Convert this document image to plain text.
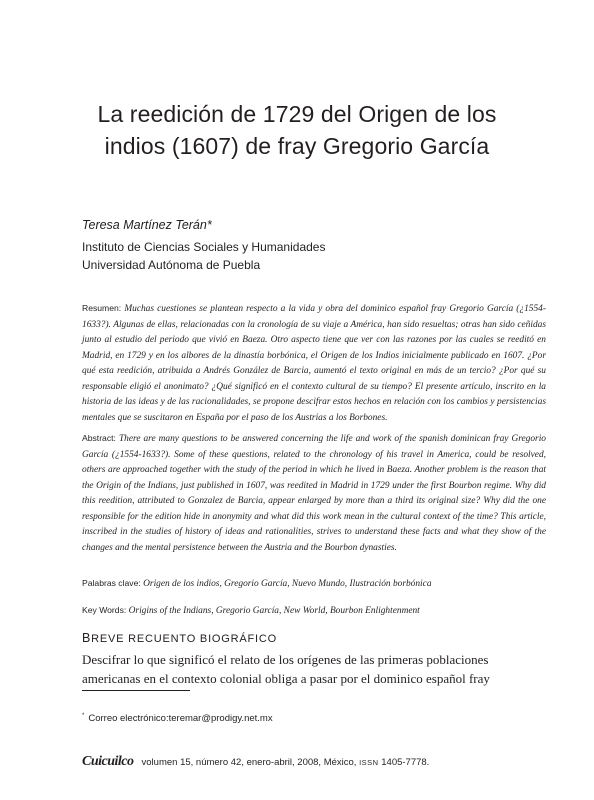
La reedición de 1729 del Origen de los
indios (1607) de fray Gregorio García
Teresa Martínez Terán*
Instituto de Ciencias Sociales y Humanidades
Universidad Autónoma de Puebla
Resumen: Muchas cuestiones se plantean respecto a la vida y obra del dominico español fray Gregorio García (¿1554-1633?). Algunas de ellas, relacionadas con la cronología de su viaje a América, han sido resueltas; otras han sido ceñidas junto al estudio del periodo que vivió en Baeza. Otro aspecto tiene que ver con las razones por las cuales se reeditó en Madrid, en 1729 y en los albores de la dinastía borbónica, el Origen de los Indios inicialmente publicado en 1607. ¿Por qué esta reedición, atribuida a Andrés González de Barcia, aumentó el texto original en más de un tercio? ¿Por qué su responsable eligió el anonimato? ¿Qué significó en el contexto cultural de su tiempo? El presente artículo, inscrito en la historia de las ideas y de las racionalidades, se propone descifrar estos hechos en relación con los cambios y persistencias mentales que se suscitaron en España por el paso de los Austrias a los Borbones.
Abstract: There are many questions to be answered concerning the life and work of the spanish dominican fray Gregorio García (¿1554-1633?). Some of these questions, related to the chronology of his travel in America, could be resolved, others are approached together with the study of the period in which he lived in Baeza. Another problem is the reason that the Origin of the Indians, just published in 1607, was reedited in Madrid in 1729 under the first Bourbon regime. Why did this reedition, attributed to Gonzalez de Barcia, appear enlarged by more than a third its original size? Why did the one responsible for the edition hide in anonymity and what did this work mean in the cultural context of the time? This article, inscribed in the studies of history of ideas and rationalities, strives to understand these facts and what they show of the changes and the mental persistence between the Austria and the Bourbon dynasties.
Palabras clave: Origen de los indios, Gregorio García, Nuevo Mundo, Ilustración borbónica
Key Words: Origins of the Indians, Gregorio García, New World, Bourbon Enlightenment
BREVE RECUENTO BIOGRÁFICO
Descifrar lo que significó el relato de los orígenes de las primeras poblaciones
americanas en el contexto colonial obliga a pasar por el dominico español fray
* Correo electrónico:teremar@prodigy.net.mx
Cuicuilco volumen 15, número 42, enero-abril, 2008, México, ISSN 1405-7778.
